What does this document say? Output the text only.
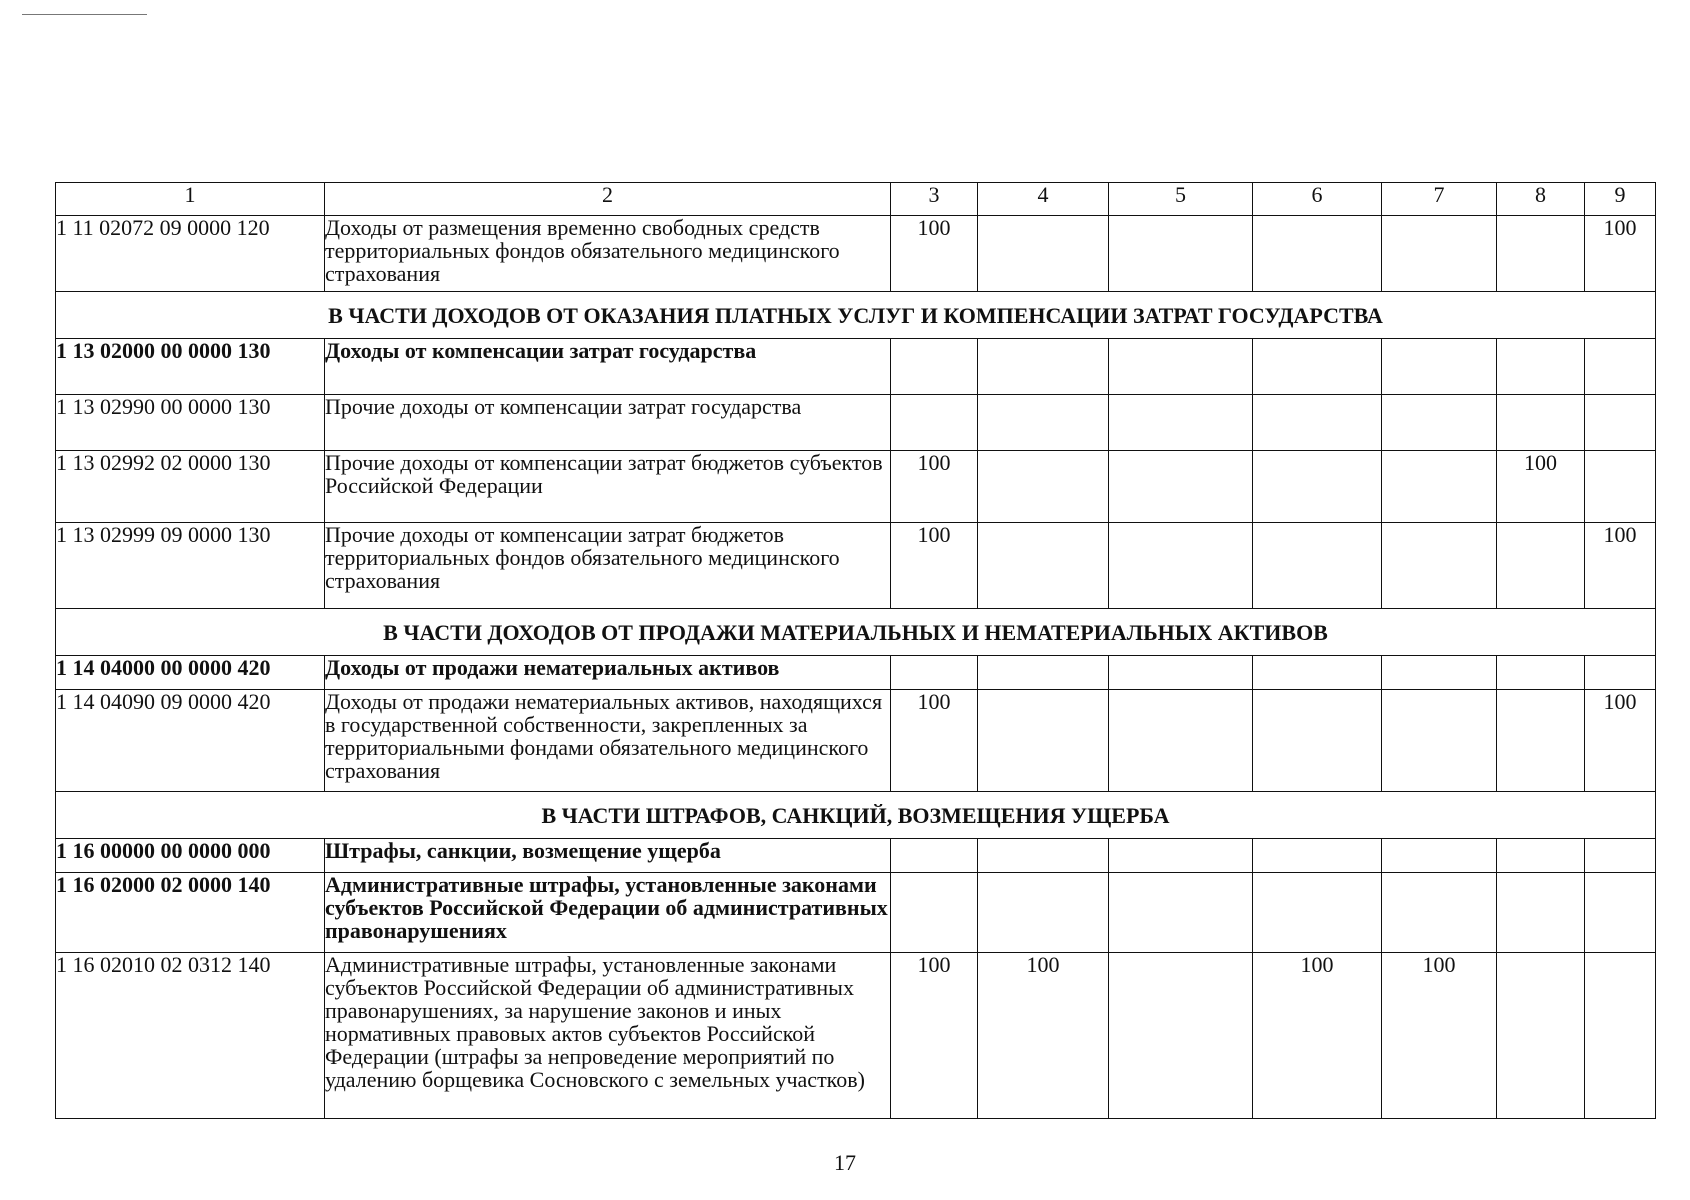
1	2	3	4	5	6	7	8	9
1 11 02072 09 0000 120	Доходы от размещения временно свободных средств территориальных фондов обязательного медицинского страхования	100						100
В ЧАСТИ ДОХОДОВ ОТ ОКАЗАНИЯ ПЛАТНЫХ УСЛУГ И КОМПЕНСАЦИИ ЗАТРАТ ГОСУДАРСТВА								
1 13 02000 00 0000 130	Доходы от компенсации затрат государства							
1 13 02990 00 0000 130	Прочие доходы от компенсации затрат государства							
1 13 02992 02 0000 130	Прочие доходы от компенсации затрат бюджетов субъектов Российской Федерации	100					100	
1 13 02999 09 0000 130	Прочие доходы от компенсации затрат бюджетов территориальных фондов обязательного медицинского страхования	100						100
В ЧАСТИ ДОХОДОВ ОТ ПРОДАЖИ МАТЕРИАЛЬНЫХ И НЕМАТЕРИАЛЬНЫХ АКТИВОВ								
1 14 04000 00 0000 420	Доходы от продажи нематериальных активов							
1 14 04090 09 0000 420	Доходы от продажи нематериальных активов, находящихся в государственной собственности, закрепленных за территориальными фондами обязательного медицинского страхования	100						100
В ЧАСТИ ШТРАФОВ, САНКЦИЙ, ВОЗМЕЩЕНИЯ УЩЕРБА								
1 16 00000 00 0000 000	Штрафы, санкции, возмещение ущерба							
1 16 02000 02 0000 140	Административные штрафы, установленные законами субъектов Российской Федерации об административных правонарушениях							
1 16 02010 02 0312 140	Административные штрафы, установленные законами субъектов Российской Федерации об административных правонарушениях, за нарушение законов и иных нормативных правовых актов субъектов Российской Федерации (штрафы за непроведение мероприятий по удалению борщевика Сосновского с земельных участков)	100	100		100	100		
17
